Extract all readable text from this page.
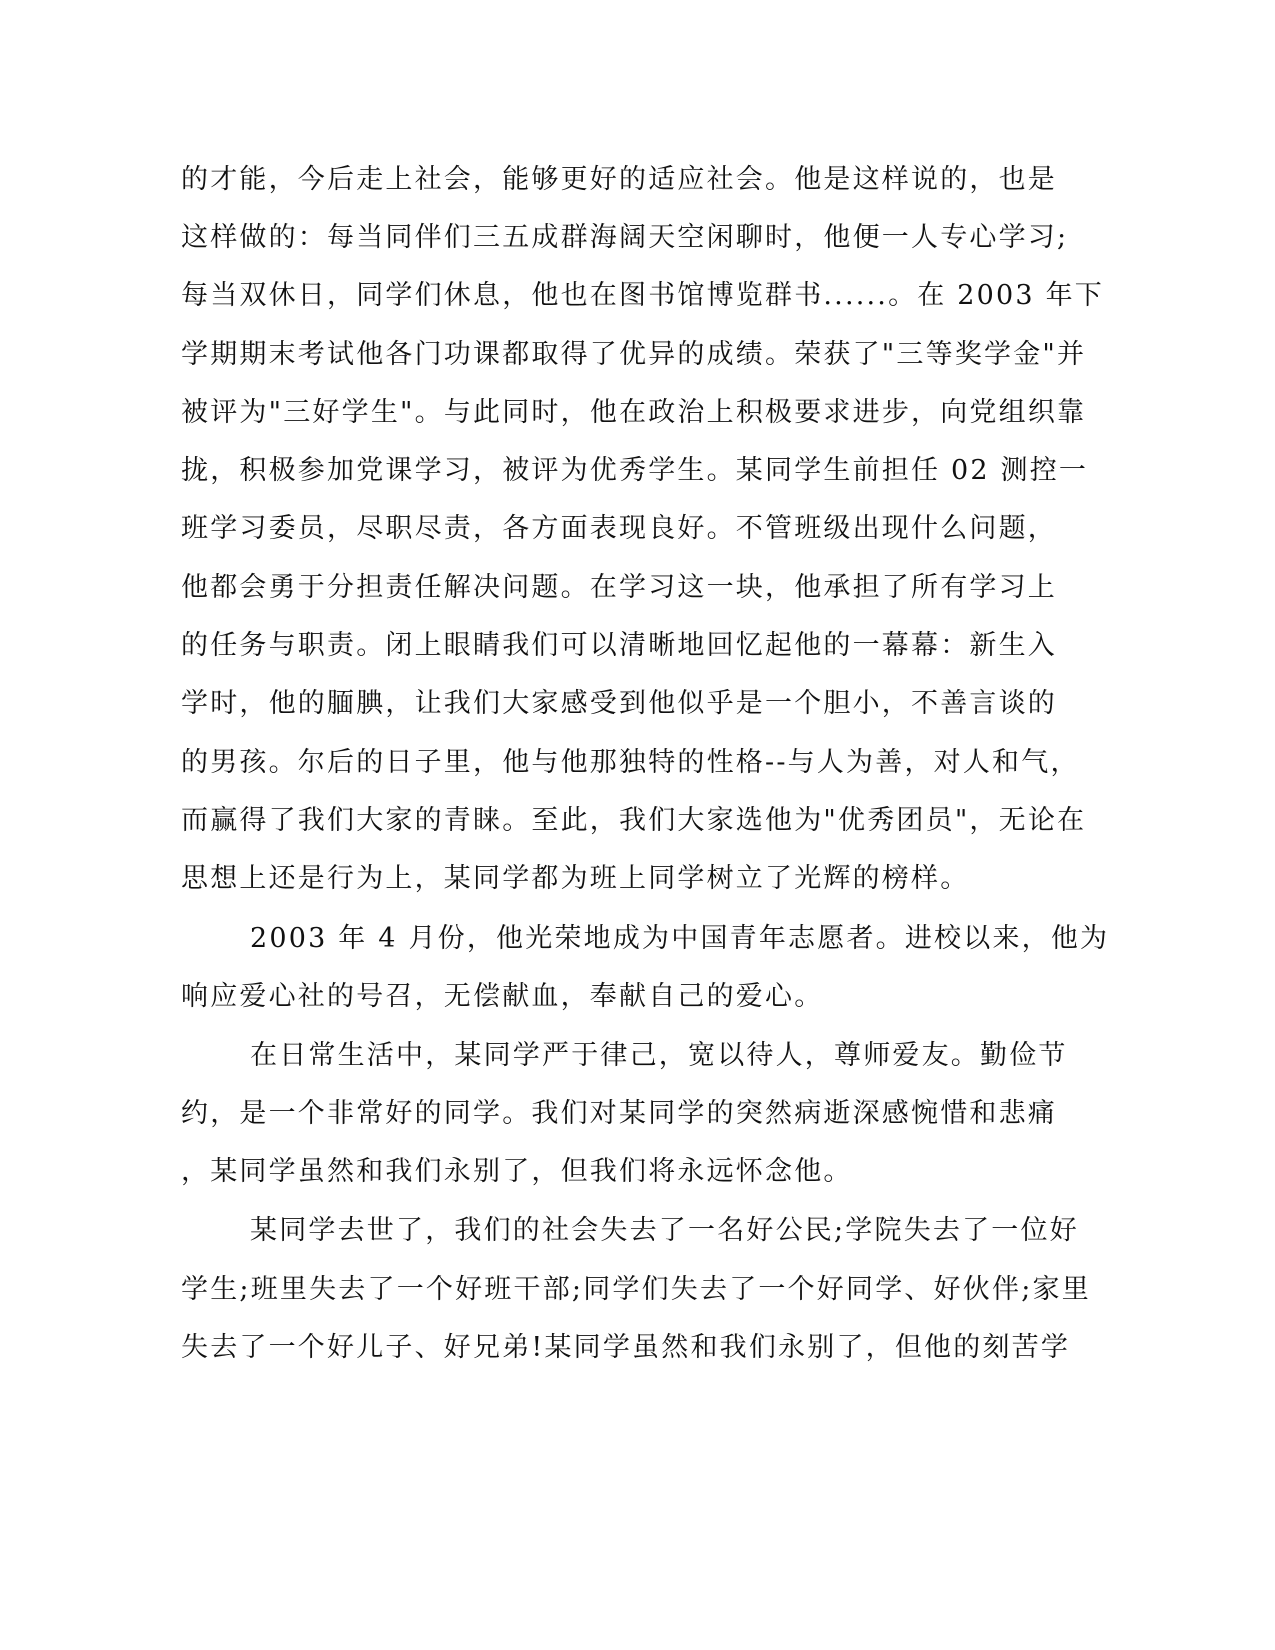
的才能，今后走上社会，能够更好的适应社会。他是这样说的，也是
这样做的：每当同伴们三五成群海阔天空闲聊时，他便一人专心学习;
每当双休日，同学们休息，他也在图书馆博览群书......。在 2003 年下
学期期末考试他各门功课都取得了优异的成绩。荣获了"三等奖学金"并
被评为"三好学生"。与此同时，他在政治上积极要求进步，向党组织靠
拢，积极参加党课学习，被评为优秀学生。某同学生前担任 02 测控一
班学习委员，尽职尽责，各方面表现良好。不管班级出现什么问题，
他都会勇于分担责任解决问题。在学习这一块，他承担了所有学习上
的任务与职责。闭上眼睛我们可以清晰地回忆起他的一幕幕：新生入
学时，他的腼腆，让我们大家感受到他似乎是一个胆小，不善言谈的
的男孩。尔后的日子里，他与他那独特的性格--与人为善，对人和气，
而赢得了我们大家的青睐。至此，我们大家选他为"优秀团员"，无论在
思想上还是行为上，某同学都为班上同学树立了光辉的榜样。
2003 年 4 月份，他光荣地成为中国青年志愿者。进校以来，他为
响应爱心社的号召，无偿献血，奉献自己的爱心。
在日常生活中，某同学严于律己，宽以待人，尊师爱友。勤俭节
约，是一个非常好的同学。我们对某同学的突然病逝深感惋惜和悲痛
，某同学虽然和我们永别了，但我们将永远怀念他。
某同学去世了，我们的社会失去了一名好公民;学院失去了一位好
学生;班里失去了一个好班干部;同学们失去了一个好同学、好伙伴;家里
失去了一个好儿子、好兄弟!某同学虽然和我们永别了，但他的刻苦学
